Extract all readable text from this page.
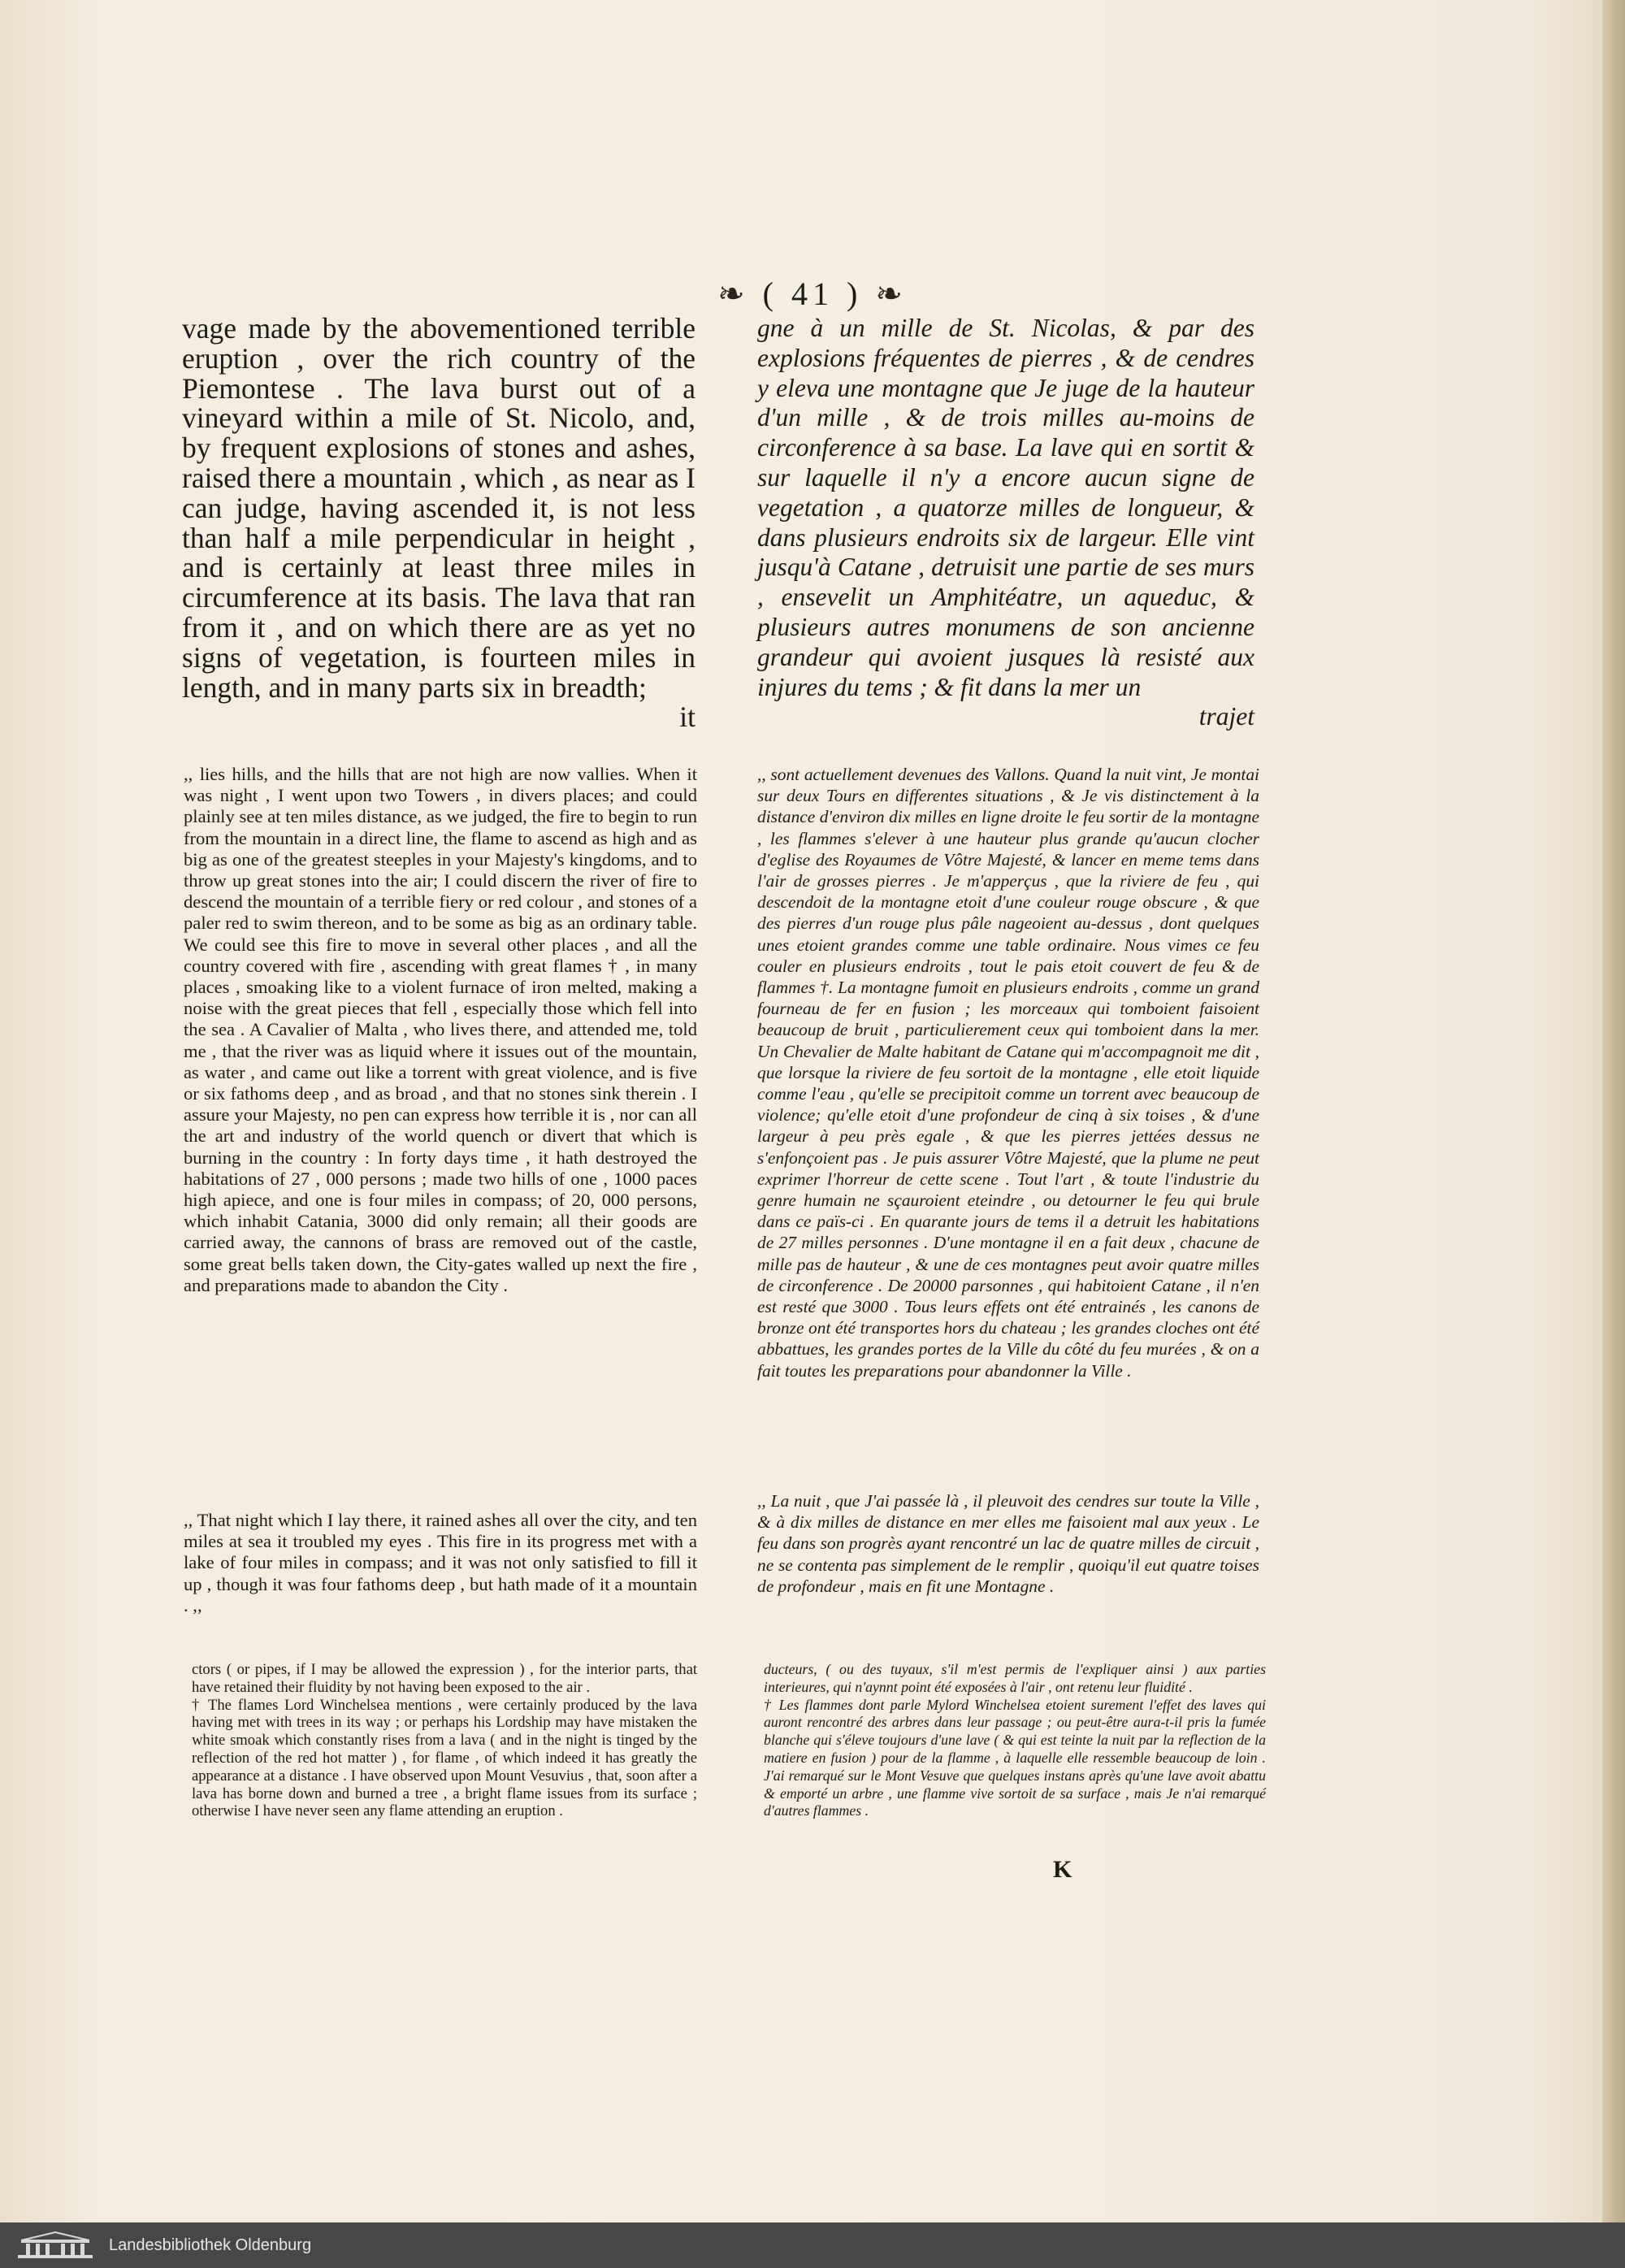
❧ ( 41 ) ❧

vage made by the abovementioned terrible eruption , over the rich country of the Piemontese . The lava burst out of a vineyard within a mile of St. Nicolo, and, by frequent explosions of stones and ashes, raised there a mountain , which , as near as I can judge, having ascended it, is not less than half a mile perpendicular in height , and is certainly at least three miles in circumference at its basis. The lava that ran from it , and on which there are as yet no signs of vegetation, is fourteen miles in length, and in many parts six in breadth;

it

gne à un mille de St. Nicolas, & par des explosions fréquentes de pierres , & de cendres y eleva une montagne que Je juge de la hauteur d'un mille , & de trois milles au-moins de circonference à sa base. La lave qui en sortit & sur laquelle il n'y a encore aucun signe de vegetation , a quatorze milles de longueur, & dans plusieurs endroits six de largeur. Elle vint jusqu'à Catane , detruisit une partie de ses murs , ensevelit un Amphitéatre, un aqueduc, & plusieurs autres monumens de son ancienne grandeur qui avoient jusques là resisté aux injures du tems ; & fit dans la mer un

trajet

,, lies hills, and the hills that are not high are now vallies. When it was night , I went upon two Towers , in divers places; and could plainly see at ten miles distance, as we judged, the fire to begin to run from the mountain in a direct line, the flame to ascend as high and as big as one of the greatest steeples in your Majesty's kingdoms, and to throw up great stones into the air; I could discern the river of fire to descend the mountain of a terrible fiery or red colour , and stones of a paler red to swim thereon, and to be some as big as an ordinary table. We could see this fire to move in several other places , and all the country covered with fire , ascending with great flames † , in many places , smoaking like to a violent furnace of iron melted, making a noise with the great pieces that fell , especially those which fell into the sea . A Cavalier of Malta , who lives there, and attended me, told me , that the river was as liquid where it issues out of the mountain, as water , and came out like a torrent with great violence, and is five or six fathoms deep , and as broad , and that no stones sink therein . I assure your Majesty, no pen can express how terrible it is , nor can all the art and industry of the world quench or divert that which is burning in the country : In forty days time , it hath destroyed the habitations of 27 , 000 persons ; made two hills of one , 1000 paces high apiece, and one is four miles in compass; of 20, 000 persons, which inhabit Catania, 3000 did only remain; all their goods are carried away, the cannons of brass are removed out of the castle, some great bells taken down, the City-gates walled up next the fire , and preparations made to abandon the City .

,, sont actuellement devenues des Vallons. Quand la nuit vint, Je montai sur deux Tours en differentes situations , & Je vis distinctement à la distance d'environ dix milles en ligne droite le feu sortir de la montagne , les flammes s'elever à une hauteur plus grande qu'aucun clocher d'eglise des Royaumes de Vôtre Majesté, & lancer en meme tems dans l'air de grosses pierres . Je m'apperçus , que la riviere de feu , qui descendoit de la montagne etoit d'une couleur rouge obscure , & que des pierres d'un rouge plus pâle nageoient au-dessus , dont quelques unes etoient grandes comme une table ordinaire. Nous vimes ce feu couler en plusieurs endroits , tout le pais etoit couvert de feu & de flammes †. La montagne fumoit en plusieurs endroits , comme un grand fourneau de fer en fusion ; les morceaux qui tomboient faisoient beaucoup de bruit , particulierement ceux qui tomboient dans la mer. Un Chevalier de Malte habitant de Catane qui m'accompagnoit me dit , que lorsque la riviere de feu sortoit de la montagne , elle etoit liquide comme l'eau , qu'elle se precipitoit comme un torrent avec beaucoup de violence; qu'elle etoit d'une profondeur de cinq à six toises , & d'une largeur à peu près egale , & que les pierres jettées dessus ne s'enfonçoient pas . Je puis assurer Vôtre Majesté, que la plume ne peut exprimer l'horreur de cette scene . Tout l'art , & toute l'industrie du genre humain ne sçauroient eteindre , ou detourner le feu qui brule dans ce païs-ci . En quarante jours de tems il a detruit les habitations de 27 milles personnes . D'une montagne il en a fait deux , chacune de mille pas de hauteur , & une de ces montagnes peut avoir quatre milles de circonference . De 20000 parsonnes , qui habitoient Catane , il n'en est resté que 3000 . Tous leurs effets ont été entrainés , les canons de bronze ont été transportes hors du chateau ; les grandes cloches ont été abbattues, les grandes portes de la Ville du côté du feu murées , & on a fait toutes les preparations pour abandonner la Ville .

,, That night which I lay there, it rained ashes all over the city, and ten miles at sea it troubled my eyes . This fire in its progress met with a lake of four miles in compass; and it was not only satisfied to fill it up , though it was four fathoms deep , but hath made of it a mountain . ,,

,, La nuit , que J'ai passée là , il pleuvoit des cendres sur toute la Ville , & à dix milles de distance en mer elles me faisoient mal aux yeux . Le feu dans son progrès ayant rencontré un lac de quatre milles de circuit , ne se contenta pas simplement de le remplir , quoiqu'il eut quatre toises de profondeur , mais en fit une Montagne .

ctors ( or pipes, if I may be allowed the expression ) , for the interior parts, that have retained their fluidity by not having been exposed to the air .

† The flames Lord Winchelsea mentions , were certainly produced by the lava having met with trees in its way ; or perhaps his Lordship may have mistaken the white smoak which constantly rises from a lava ( and in the night is tinged by the reflection of the red hot matter ) , for flame , of which indeed it has greatly the appearance at a distance . I have observed upon Mount Vesuvius , that, soon after a lava has borne down and burned a tree , a bright flame issues from its surface ; otherwise I have never seen any flame attending an eruption .

ducteurs, ( ou des tuyaux, s'il m'est permis de l'expliquer ainsi ) aux parties interieures, qui n'aynnt point été exposées à l'air , ont retenu leur fluidité .

† Les flammes dont parle Mylord Winchelsea etoient surement l'effet des laves qui auront rencontré des arbres dans leur passage ; ou peut-être aura-t-il pris la fumée blanche qui s'éleve toujours d'une lave ( & qui est teinte la nuit par la reflection de la matiere en fusion ) pour de la flamme , à laquelle elle ressemble beaucoup de loin . J'ai remarqué sur le Mont Vesuve que quelques instans après qu'une lave avoit abattu & emporté un arbre , une flamme vive sortoit de sa surface , mais Je n'ai remarqué d'autres flammes .

K
Landesbibliothek Oldenburg
